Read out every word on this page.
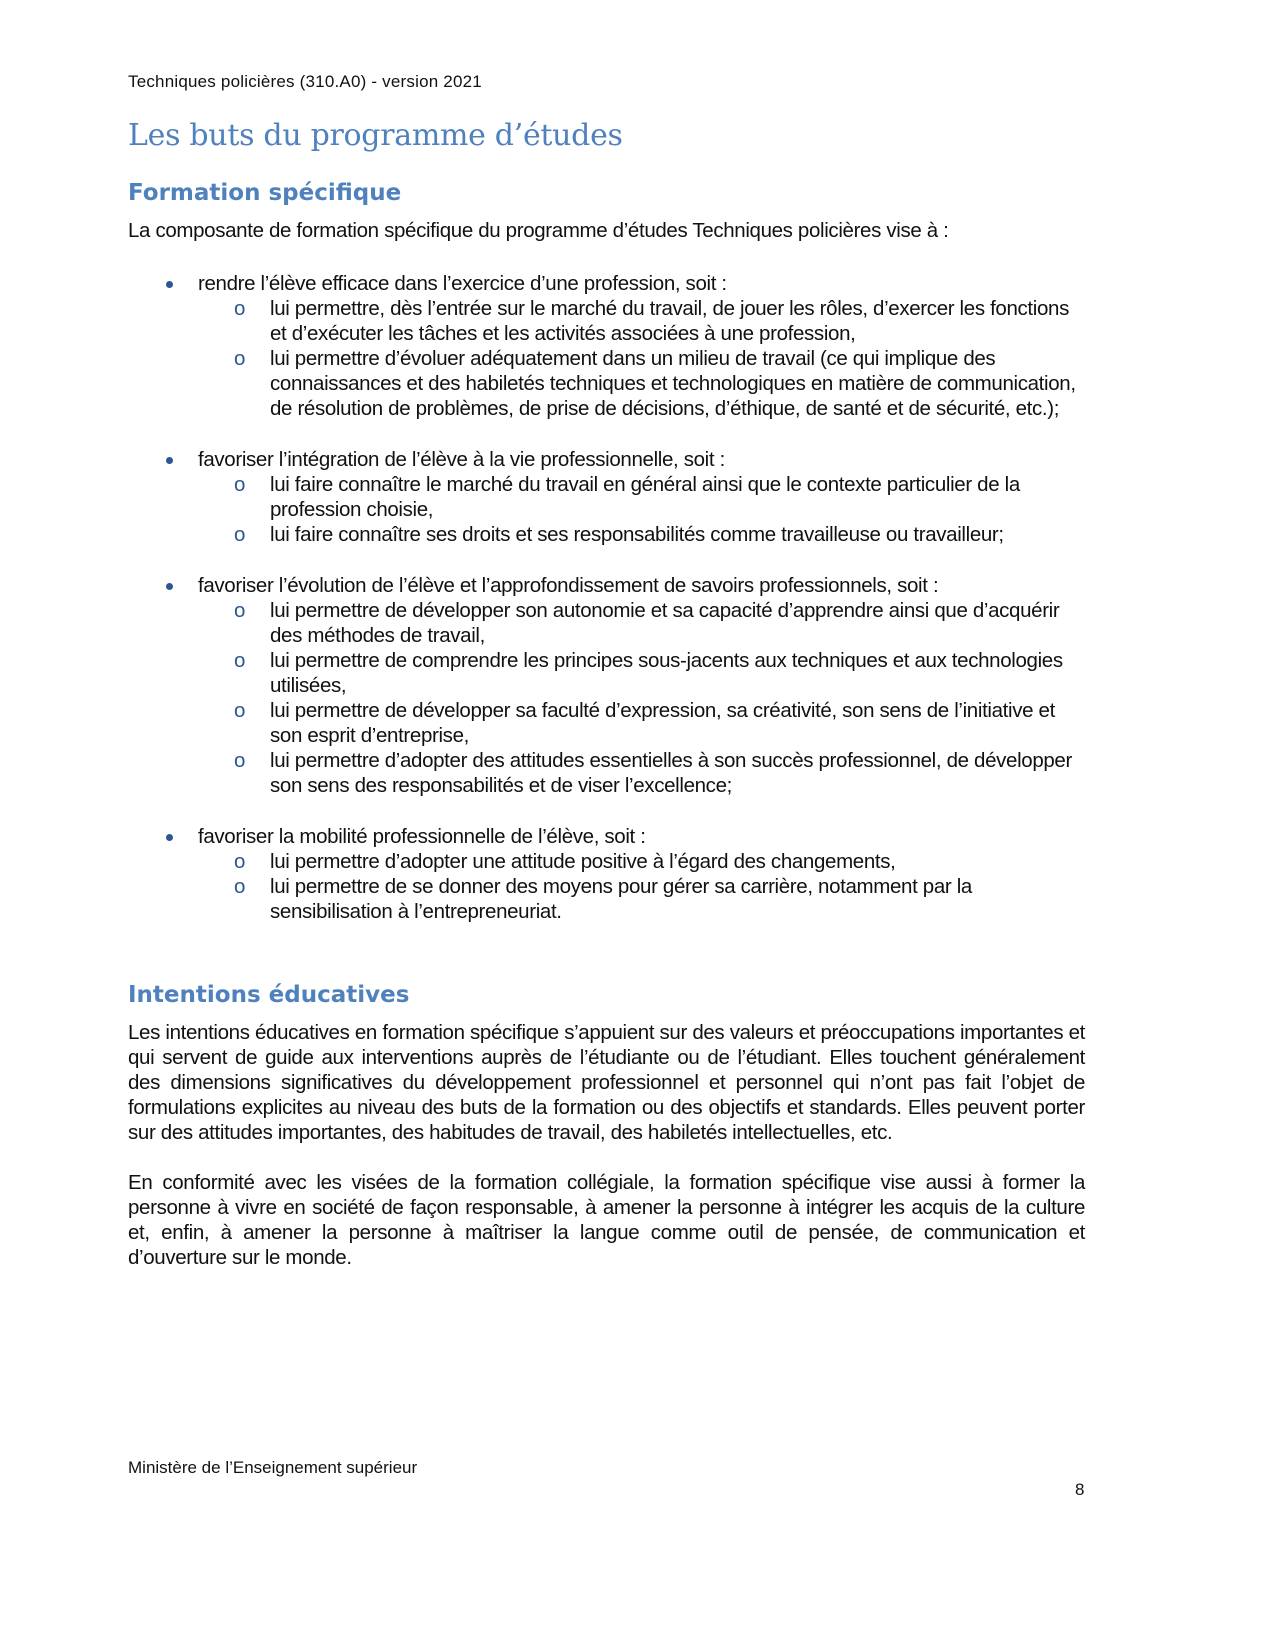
Techniques policières (310.A0) - version 2021
Les buts du programme d’études
Formation spécifique
La composante de formation spécifique du programme d’études Techniques policières vise à :
rendre l’élève efficace dans l’exercice d’une profession, soit :
o lui permettre, dès l’entrée sur le marché du travail, de jouer les rôles, d’exercer les fonctions et d’exécuter les tâches et les activités associées à une profession,
o lui permettre d’évoluer adéquatement dans un milieu de travail (ce qui implique des connaissances et des habiletés techniques et technologiques en matière de communication, de résolution de problèmes, de prise de décisions, d’éthique, de santé et de sécurité, etc.);
favoriser l’intégration de l’élève à la vie professionnelle, soit :
o lui faire connaître le marché du travail en général ainsi que le contexte particulier de la profession choisie,
o lui faire connaître ses droits et ses responsabilités comme travailleuse ou travailleur;
favoriser l’évolution de l’élève et l’approfondissement de savoirs professionnels, soit :
o lui permettre de développer son autonomie et sa capacité d’apprendre ainsi que d’acquérir des méthodes de travail,
o lui permettre de comprendre les principes sous-jacents aux techniques et aux technologies utilisées,
o lui permettre de développer sa faculté d’expression, sa créativité, son sens de l’initiative et son esprit d’entreprise,
o lui permettre d’adopter des attitudes essentielles à son succès professionnel, de développer son sens des responsabilités et de viser l’excellence;
favoriser la mobilité professionnelle de l’élève, soit :
o lui permettre d’adopter une attitude positive à l’égard des changements,
o lui permettre de se donner des moyens pour gérer sa carrière, notamment par la sensibilisation à l’entrepreneuriat.
Intentions éducatives

Les intentions éducatives en formation spécifique s’appuient sur des valeurs et préoccupations importantes et qui servent de guide aux interventions auprès de l’étudiante ou de l’étudiant. Elles touchent généralement des dimensions significatives du développement professionnel et personnel qui n’ont pas fait l’objet de formulations explicites au niveau des buts de la formation ou des objectifs et standards. Elles peuvent porter sur des attitudes importantes, des habitudes de travail, des habiletés intellectuelles, etc.

En conformité avec les visées de la formation collégiale, la formation spécifique vise aussi à former la personne à vivre en société de façon responsable, à amener la personne à intégrer les acquis de la culture et, enfin, à amener la personne à maîtriser la langue comme outil de pensée, de communication et d’ouverture sur le monde.

Ministère de l’Enseignement supérieur
8
